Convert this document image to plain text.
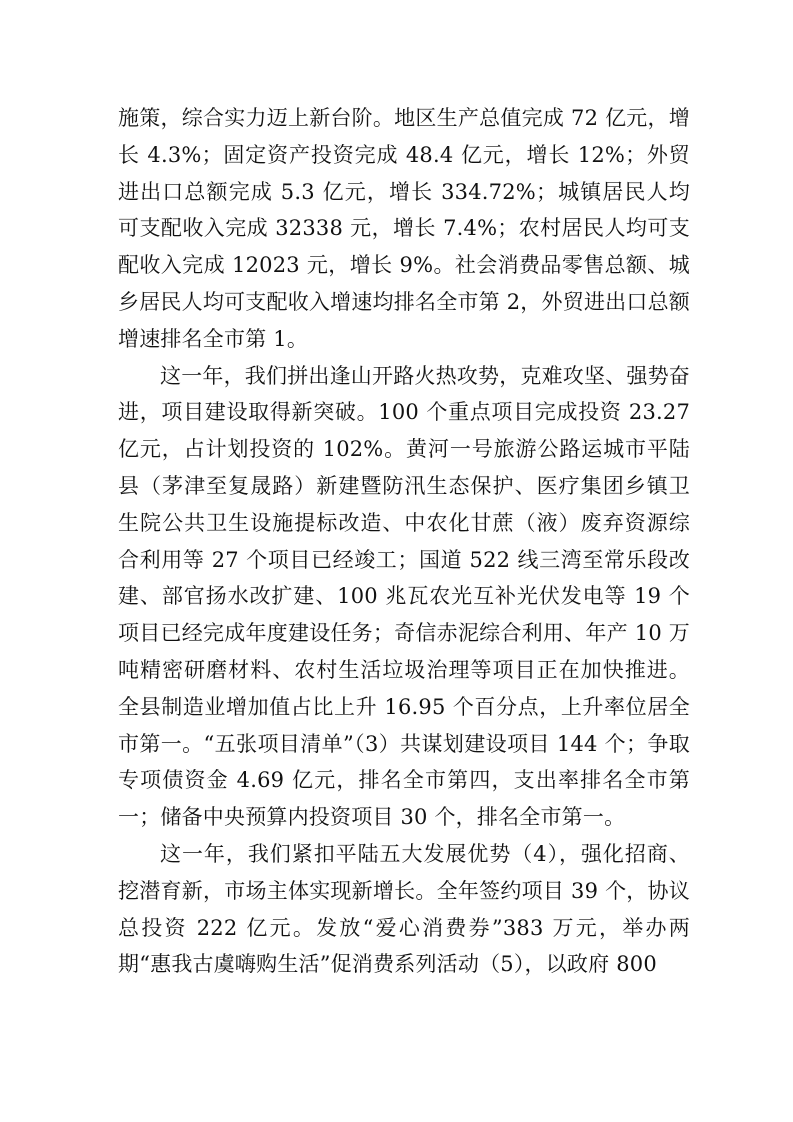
施策，综合实力迈上新台阶。地区生产总值完成 72 亿元，增长 4.3%；固定资产投资完成 48.4 亿元，增长 12%；外贸进出口总额完成 5.3 亿元，增长 334.72%；城镇居民人均可支配收入完成 32338 元，增长 7.4%；农村居民人均可支配收入完成 12023 元，增长 9%。社会消费品零售总额、城乡居民人均可支配收入增速均排名全市第 2，外贸进出口总额增速排名全市第 1。

这一年，我们拼出逢山开路火热攻势，克难攻坚、强势奋进，项目建设取得新突破。100 个重点项目完成投资 23.27 亿元，占计划投资的 102%。黄河一号旅游公路运城市平陆县（茅津至复晟路）新建暨防汛生态保护、医疗集团乡镇卫生院公共卫生设施提标改造、中农化甘蔗（液）废弃资源综合利用等 27 个项目已经竣工；国道 522 线三湾至常乐段改建、部官扬水改扩建、100 兆瓦农光互补光伏发电等 19 个项目已经完成年度建设任务；奇信赤泥综合利用、年产 10 万吨精密研磨材料、农村生活垃圾治理等项目正在加快推进。全县制造业增加值占比上升 16.95 个百分点，上升率位居全市第一。“五张项目清单”（3）共谋划建设项目 144 个；争取专项债资金 4.69 亿元，排名全市第四，支出率排名全市第一；储备中央预算内投资项目 30 个，排名全市第一。

这一年，我们紧扣平陆五大发展优势（4），强化招商、挖潜育新，市场主体实现新增长。全年签约项目 39 个，协议总投资 222 亿元。发放“爱心消费券”383 万元，举办两期“惠我古虞嗨购生活”促消费系列活动（5），以政府 800
